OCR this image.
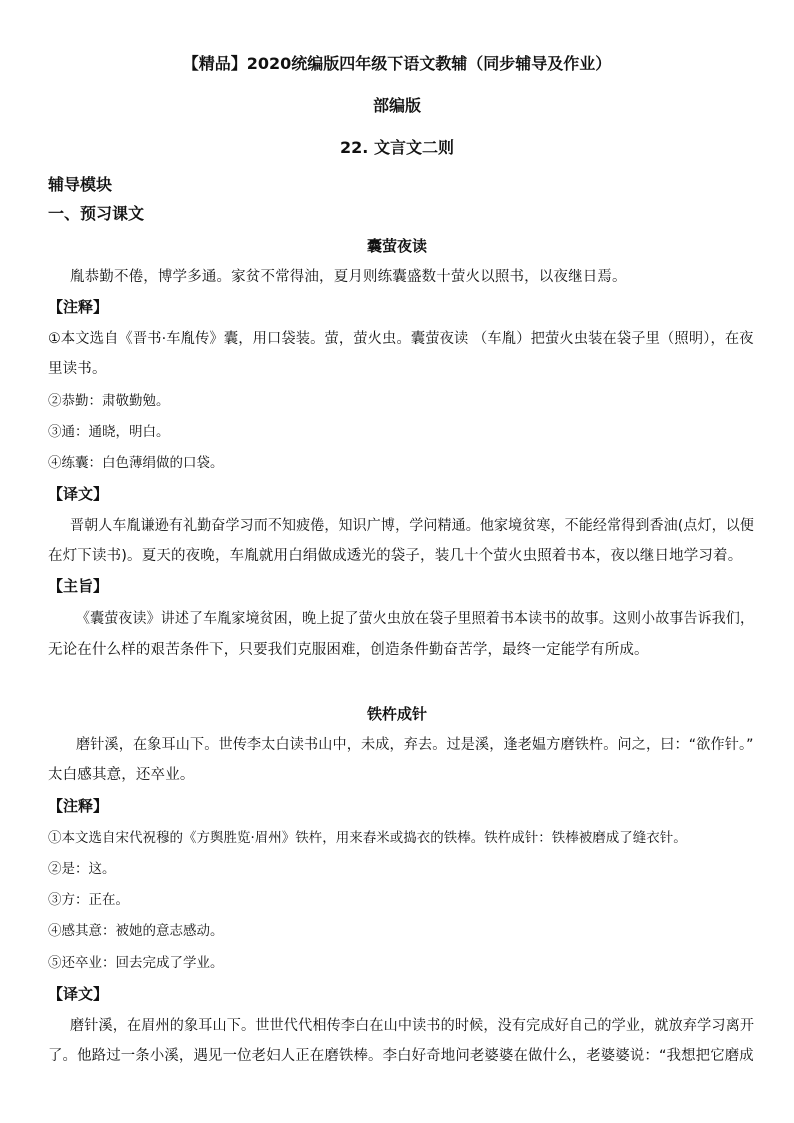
【精品】2020统编版四年级下语文教辅（同步辅导及作业）
部编版
22. 文言文二则
辅导模块
一、预习课文
囊萤夜读
胤恭勤不倦，博学多通。家贫不常得油，夏月则练囊盛数十萤火以照书，以夜继日焉。
【注释】
①本文选自《晋书·车胤传》囊，用口袋装。萤，萤火虫。囊萤夜读 （车胤）把萤火虫装在袋子里（照明），在夜
里读书。
②恭勤：肃敬勤勉。
③通：通晓，明白。
④练囊：白色薄绢做的口袋。
【译文】
晋朝人车胤谦逊有礼勤奋学习而不知疲倦，知识广博，学问精通。他家境贫寒，不能经常得到香油(点灯，以便
在灯下读书)。夏天的夜晚，车胤就用白绢做成透光的袋子，装几十个萤火虫照着书本，夜以继日地学习着。
【主旨】
《囊萤夜读》讲述了车胤家境贫困，晚上捉了萤火虫放在袋子里照着书本读书的故事。这则小故事告诉我们，
无论在什么样的艰苦条件下，只要我们克服困难，创造条件勤奋苦学，最终一定能学有所成。
铁杵成针
磨针溪，在象耳山下。世传李太白读书山中，未成，弃去。过是溪，逢老媪方磨铁杵。问之，曰：“欲作针。”
太白感其意，还卒业。
【注释】
①本文选自宋代祝穆的《方舆胜览·眉州》铁杵，用来舂米或捣衣的铁棒。铁杵成针：铁棒被磨成了缝衣针。
②是：这。
③方：正在。
④感其意：被她的意志感动。
⑤还卒业：回去完成了学业。
【译文】
磨针溪，在眉州的象耳山下。世世代代相传李白在山中读书的时候，没有完成好自己的学业，就放弃学习离开
了。他路过一条小溪，遇见一位老妇人正在磨铁棒。李白好奇地问老婆婆在做什么，老婆婆说：“我想把它磨成
